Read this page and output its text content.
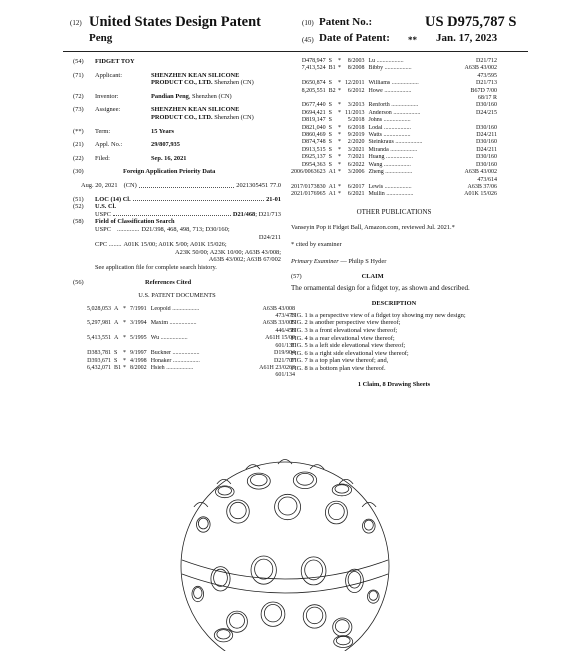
(12) United States Design Patent
Peng
(10) Patent No.:	US D975,787 S
(45) Date of Patent: ** Jan. 17, 2023
(54)	FIDGET TOY
(71)	Applicant:	SHENZHEN KEAN SILICONE
PRODUCT CO., LTD.
Shenzhen (CN)
(72)	Inventor:	Pandian Peng , Shenzhen (CN)
(73)	Assignee:	SHENZHEN KEAN SILICONE
PRODUCT CO., LTD.
Shenzhen (CN)
(**)	Term:	15 Years
(21)	Appl. No.:	29/807,935
(22)	Filed:	Sep. 16, 2021
(30)	Foreign Application Priority Data
Aug. 20, 2021 (CN)	2021305451 77.0
(51)	LOC (14) Cl.	21-01
(52)	U.S. Cl.
USPC	D21/468 ; D21/713
(58)	Field of Classification Search
USPC .............. D21/398, 468, 498, 713; D30/160;
D24/211
CPC ........ A01K 15/00; A01K 5/00; A01K 15/026;
A23K 50/00; A23K 10/00; A63B 43/008;
A63B 43/002; A63B 67/002
See application file for complete search history.
(56)	References Cited
U.S. PATENT DOCUMENTS
5,028,053	A	*	7/1991	Leopold ..................	A63B 43/008
473/473					
5,297,981	A	*	3/1994	Maxim ..................	A63B 33/005
446/458					
5,413,551	A	*	5/1995	Wu ..................	A61H 15/00
601/131					
D383,781	S	*	9/1997	Buckner ..................	D19/904
D393,671	S	*	4/1998	Honaker ..................	D21/707
6,432,071	B1	*	8/2002	Hsieh ..................	A61H 23/0263
601/134					
D478,947	S	*	8/2003	Lu ..................	D21/712
7,413,524	B1	*	8/2008	Bibby ..................	A63B 43/002
473/595					
D650,874	S	*	12/2011	Williams ..................	D21/713
8,205,551	B2	*	6/2012	Howe ..................	B67D 7/00
68/17 R					
D677,440	S	*	3/2013	Renforth ..................	D30/160
D694,421	S	*	11/2013	Anderson ..................	D24/215
D819,147	S		5/2018	Johns ..................	
D821,040	S	*	6/2018	Lodal ..................	D30/160
D860,469	S	*	9/2019	Watts ..................	D24/211
D874,748	S	*	2/2020	Steinkraus ..................	D30/160
D913,515	S	*	3/2021	Miranda ..................	D24/211
D925,137	S	*	7/2021	Huang ..................	D30/160
D954,363	S	*	6/2022	Wang ..................	D30/160
2006/0063623	A1	*	3/2006	Zheng ..................	A63B 43/002
473/614					
2017/0173830	A1	*	6/2017	Lewis ..................	A63B 37/06
2021/0176965	A1	*	6/2021	Mullin ..................	A01K 15/026
OTHER PUBLICATIONS
Vanseyin Pop it Fidget Ball, Amazon.com, reviewed Jul. 2021.*
* cited by examiner
Primary Examiner — Philip S Hyder
(57)	CLAIM
The ornamental design for a fidget toy, as shown and described.
DESCRIPTION
FIG. 1 is a perspective view of a fidget toy showing my new design;
FIG. 2 is another perspective view thereof;
FIG. 3 is a front elevational view thereof;
FIG. 4 is a rear elevational view thereof;
FIG. 5 is a left side elevational view thereof;
FIG. 6 is a right side elevational view thereof;
FIG. 7 is a top plan view thereof; and,
FIG. 8 is a bottom plan view thereof.
1 Claim, 8 Drawing Sheets
